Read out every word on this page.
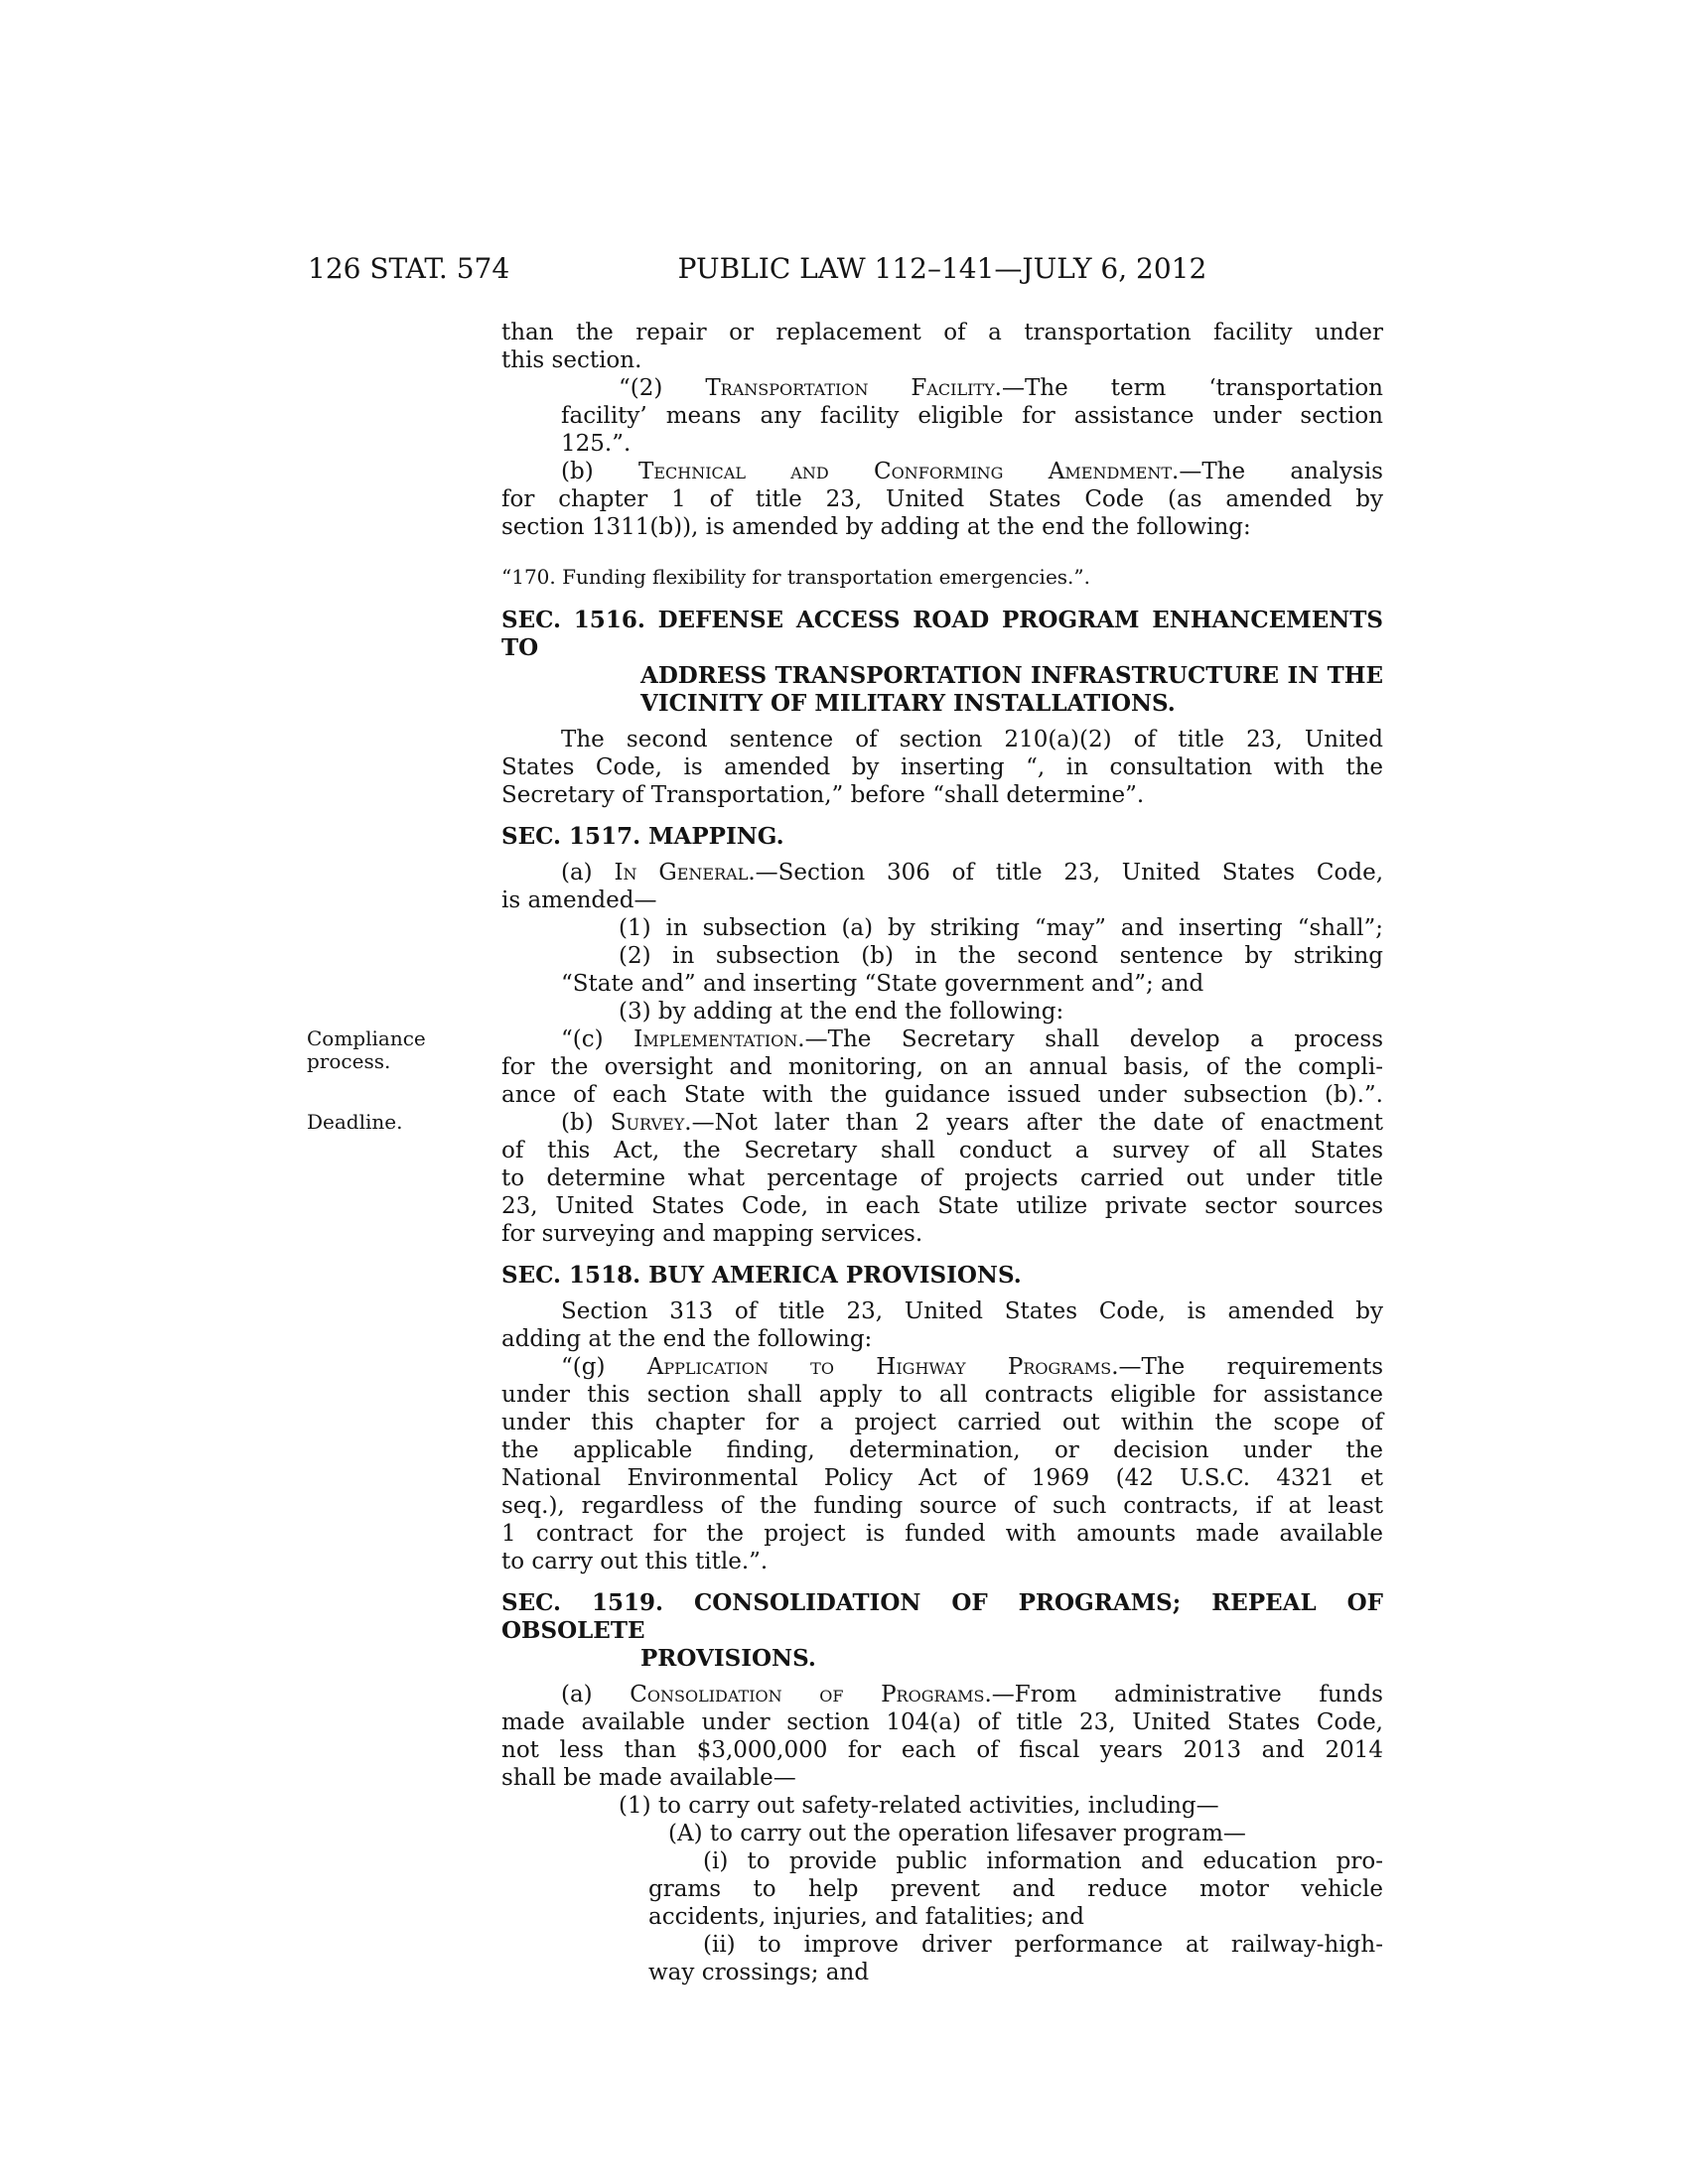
126 STAT. 574	PUBLIC LAW 112–141—JULY 6, 2012
than the repair or replacement of a transportation facility under
this section.
“(2) Transportation Facility.—The term ‘transportation
facility’ means any facility eligible for assistance under section
125.”.
(b) Technical and Conforming Amendment.—The analysis
for chapter 1 of title 23, United States Code (as amended by
section 1311(b)), is amended by adding at the end the following:
“170. Funding flexibility for transportation emergencies.”.
SEC. 1516. DEFENSE ACCESS ROAD PROGRAM ENHANCEMENTS TO
ADDRESS TRANSPORTATION INFRASTRUCTURE IN THE
VICINITY OF MILITARY INSTALLATIONS.
The second sentence of section 210(a)(2) of title 23, United
States Code, is amended by inserting “, in consultation with the
Secretary of Transportation,” before “shall determine”.
SEC. 1517. MAPPING.
(a) In General.—Section 306 of title 23, United States Code,
is amended—
(1) in subsection (a) by striking “may” and inserting “shall”;
(2) in subsection (b) in the second sentence by striking
“State and” and inserting “State government and”; and
(3) by adding at the end the following:
“(c) Implementation.—The Secretary shall develop a process
Compliance process.	for the oversight and monitoring, on an annual basis, of the compli-
ance of each State with the guidance issued under subsection (b).”.
(b) Survey.—Not later than 2 years after the date of enactment
Deadline.
of this Act, the Secretary shall conduct a survey of all States
to determine what percentage of projects carried out under title
23, United States Code, in each State utilize private sector sources
for surveying and mapping services.
SEC. 1518. BUY AMERICA PROVISIONS.
Section 313 of title 23, United States Code, is amended by
adding at the end the following:
“(g) Application to Highway Programs.—The requirements
under this section shall apply to all contracts eligible for assistance
under this chapter for a project carried out within the scope of
the applicable finding, determination, or decision under the
National Environmental Policy Act of 1969 (42 U.S.C. 4321 et
seq.), regardless of the funding source of such contracts, if at least
1 contract for the project is funded with amounts made available
to carry out this title.”.
SEC. 1519. CONSOLIDATION OF PROGRAMS; REPEAL OF OBSOLETE
PROVISIONS.
(a) Consolidation of Programs.—From administrative funds
made available under section 104(a) of title 23, United States Code,
not less than $3,000,000 for each of fiscal years 2013 and 2014
shall be made available—
(1) to carry out safety-related activities, including—
(A) to carry out the operation lifesaver program—
(i) to provide public information and education pro-
grams to help prevent and reduce motor vehicle
accidents, injuries, and fatalities; and
(ii) to improve driver performance at railway-high-
way crossings; and
